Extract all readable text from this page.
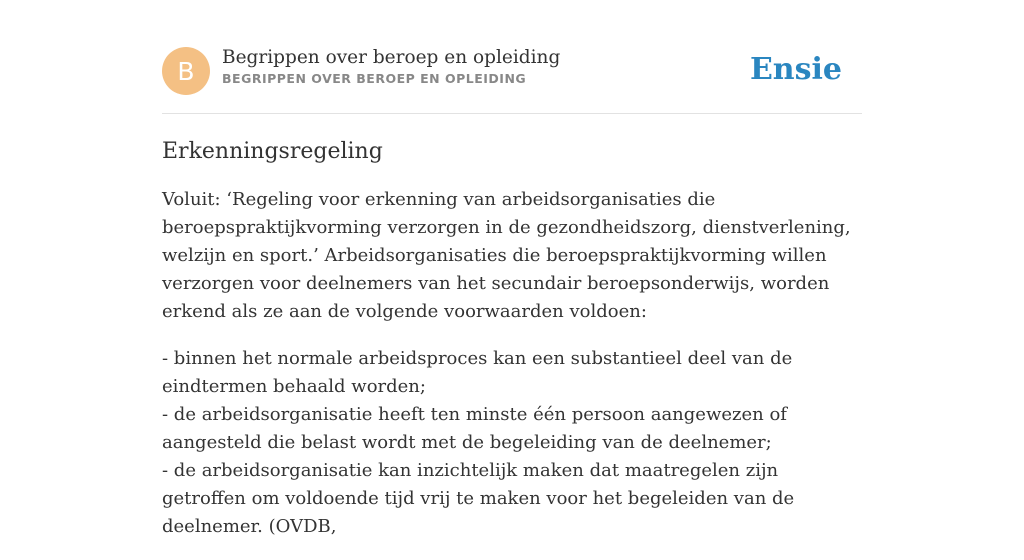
B	Begrippen over beroep en opleiding
BEGRIPPEN OVER BEROEP EN OPLEIDING	Ensie
Erkenningsregeling

Voluit: ‘Regeling voor erkenning van arbeidsorganisaties die beroepspraktijkvorming verzorgen in de gezondheidszorg, dienstverlening, welzijn en sport.’ Arbeidsorganisaties die beroepspraktijkvorming willen verzorgen voor deelnemers van het secundair beroepsonderwijs, worden erkend als ze aan de volgende voorwaarden voldoen:

- binnen het normale arbeidsproces kan een substantieel deel van de eindtermen behaald worden;
- de arbeidsorganisatie heeft ten minste één persoon aangewezen of aangesteld die belast wordt met de begeleiding van de deelnemer;
- de arbeidsorganisatie kan inzichtelijk maken dat maatregelen zijn getroffen om voldoende tijd vrij te maken voor het begeleiden van de deelnemer. (OVDB,
